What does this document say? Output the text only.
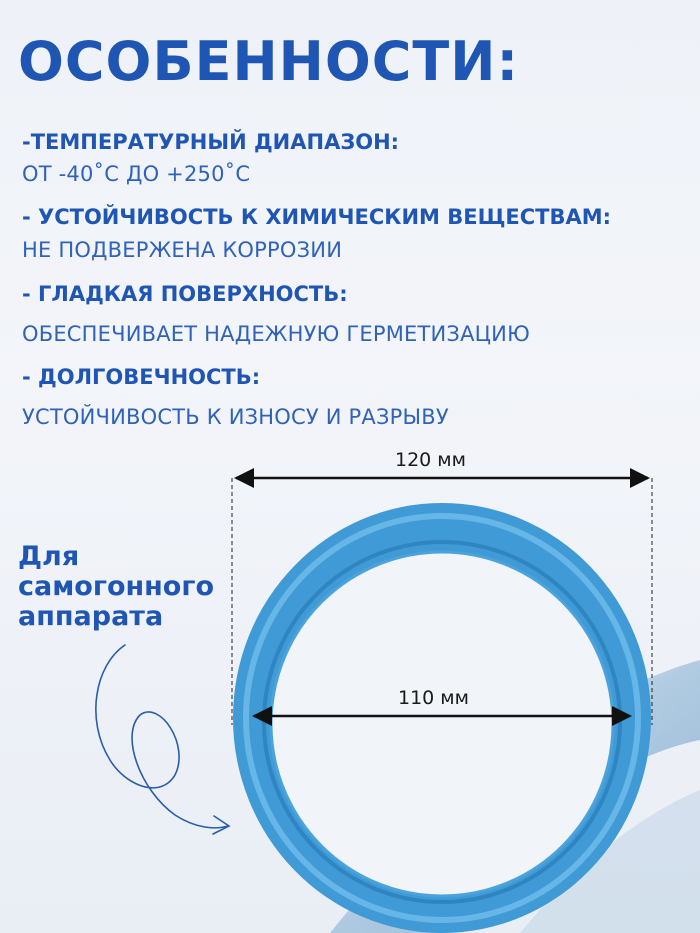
ОСОБЕННОСТИ:

-ТЕМПЕРАТУРНЫЙ ДИАПАЗОН:

ОТ -40˚C ДО +250˚C

- УСТОЙЧИВОСТЬ К ХИМИЧЕСКИМ ВЕЩЕСТВАМ:

НЕ ПОДВЕРЖЕНА КОРРОЗИИ

- ГЛАДКАЯ ПОВЕРХНОСТЬ:

ОБЕСПЕЧИВАЕТ НАДЕЖНУЮ ГЕРМЕТИЗАЦИЮ

- ДОЛГОВЕЧНОСТЬ:

УСТОЙЧИВОСТЬ К ИЗНОСУ И РАЗРЫВУ

Для
самогонного
аппарата
120 мм
110 мм
